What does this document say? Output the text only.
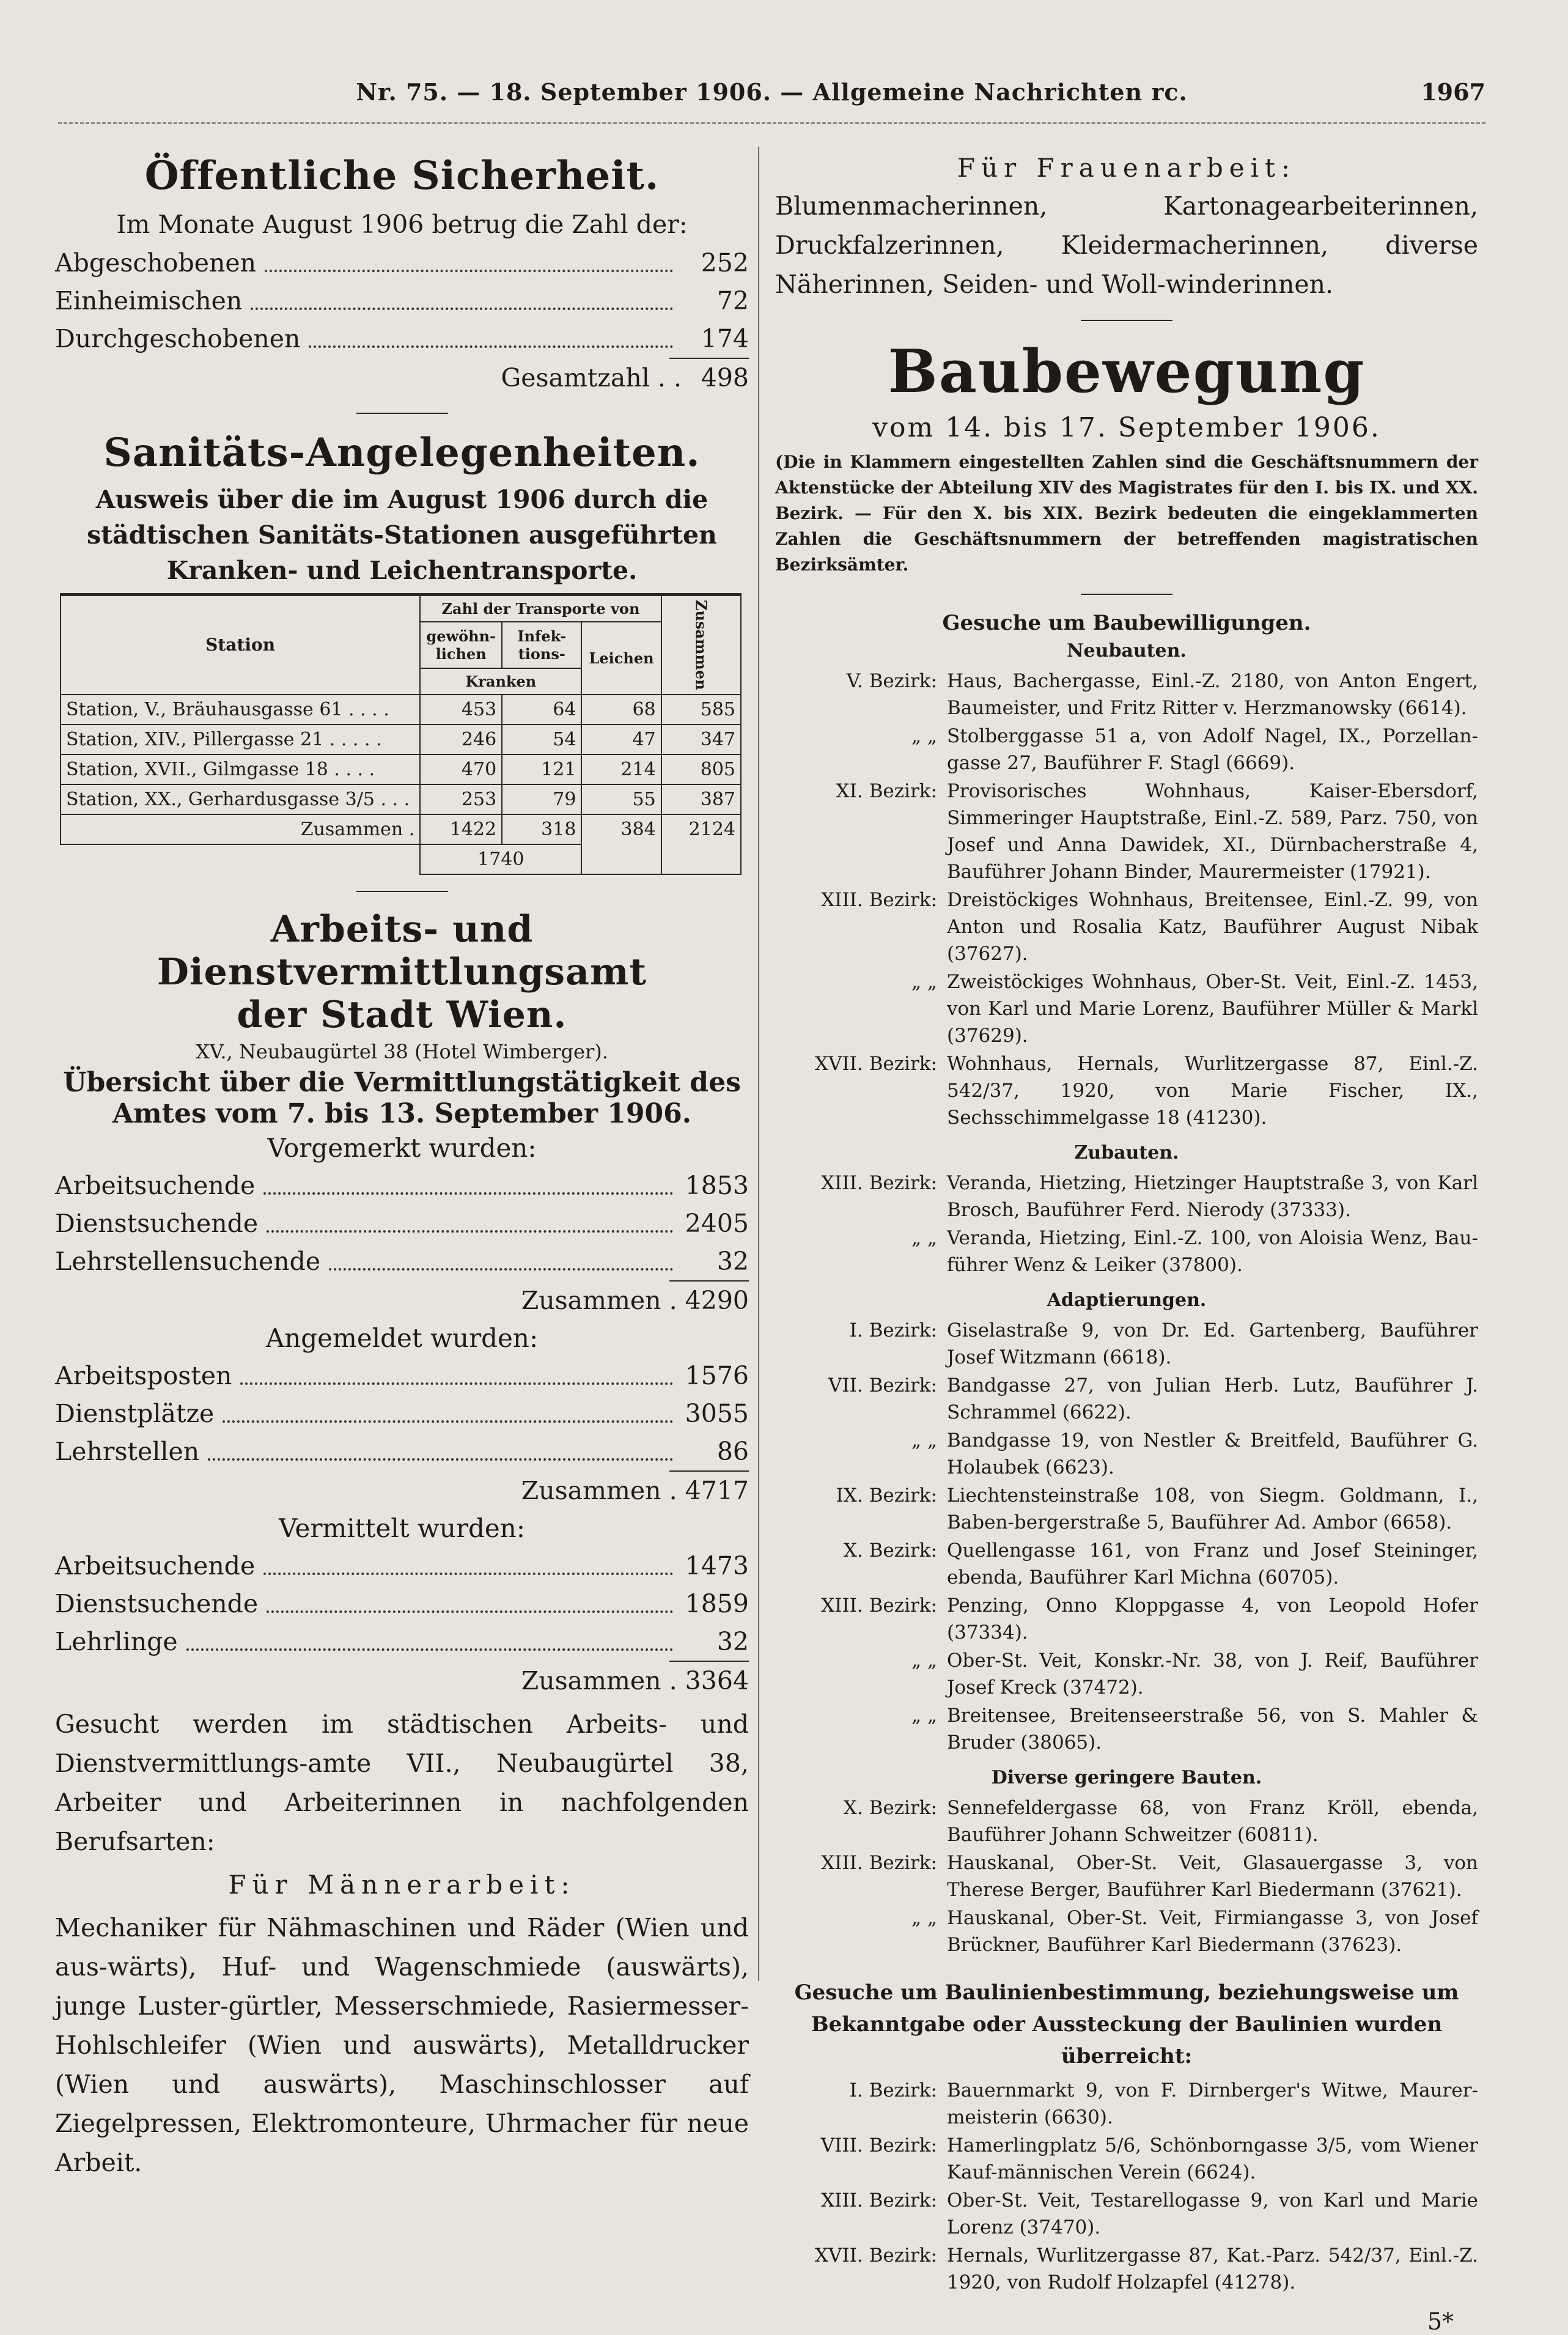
Nr. 75. — 18. September 1906. — Allgemeine Nachrichten rc.	1967
Öffentliche Sicherheit.
Im Monate August 1906 betrug die Zahl der:
Abgeschobenen	252
Einheimischen	72
Durchgeschobenen	174
Gesamtzahl . . 498
Sanitäts-Angelegenheiten.
Ausweis über die im August 1906 durch die städtischen Sanitäts-Stationen ausgeführten Kranken- und Leichentransporte.
Station	Zahl der Transporte von			Zusammen
	gewöhn- lichen	Infek- tions-	Leichen	
	Kranken			
Station, V., Bräuhausgasse 61 . . . .	453	64	68	585
Station, XIV., Pillergasse 21 . . . . .	246	54	47	347
Station, XVII., Gilmgasse 18 . . . .	470	121	214	805
Station, XX., Gerhardusgasse 3/5 . . .	253	79	55	387
Zusammen .	1422	318	384	2124
	1740			
Arbeits- und Dienstvermittlungsamt
der Stadt Wien.
XV., Neubaugürtel 38 (Hotel Wimberger).
Übersicht über die Vermittlungstätigkeit des Amtes vom 7. bis 13. September 1906.
Vorgemerkt wurden:
Arbeitsuchende	1853
Dienstsuchende	2405
Lehrstellensuchende	32
Zusammen . 4290
Angemeldet wurden:
Arbeitsposten	1576
Dienstplätze	3055
Lehrstellen	86
Zusammen . 4717
Vermittelt wurden:
Arbeitsuchende	1473
Dienstsuchende	1859
Lehrlinge	32
Zusammen . 3364
Gesucht werden im städtischen Arbeits- und Dienstvermittlungs-amte VII., Neubaugürtel 38, Arbeiter und Arbeiterinnen in nachfolgenden Berufsarten:
Für Männerarbeit:
Mechaniker für Nähmaschinen und Räder (Wien und aus-wärts), Huf- und Wagenschmiede (auswärts), junge Luster-gürtler, Messerschmiede, Rasiermesser-Hohlschleifer (Wien und auswärts), Metalldrucker (Wien und auswärts), Maschinschlosser auf Ziegelpressen, Elektromonteure, Uhrmacher für neue Arbeit.
Für Frauenarbeit:
Blumenmacherinnen, Kartonagearbeiterinnen, Druckfalzerinnen, Kleidermacherinnen, diverse Näherinnen, Seiden- und Woll-winderinnen.
Baubewegung
vom 14. bis 17. September 1906.
(Die in Klammern eingestellten Zahlen sind die Geschäftsnummern der Aktenstücke der Abteilung XIV des Magistrates für den I. bis IX. und XX. Bezirk. — Für den X. bis XIX. Bezirk bedeuten die eingeklammerten Zahlen die Geschäftsnummern der betreffenden magistratischen Bezirksämter.
Gesuche um Baubewilligungen.
Neubauten.
V. Bezirk: Haus, Bachergasse, Einl.-Z. 2180, von Anton Engert, Baumeister, und Fritz Ritter v. Herzmanowsky (6614).
„ „ Stolberggasse 51 a, von Adolf Nagel, IX., Porzellan-gasse 27, Bauführer F. Stagl (6669).
XI. Bezirk: Provisorisches Wohnhaus, Kaiser-Ebersdorf, Simmeringer Hauptstraße, Einl.-Z. 589, Parz. 750, von Josef und Anna Dawidek, XI., Dürnbacherstraße 4, Bauführer Johann Binder, Maurermeister (17921).
XIII. Bezirk: Dreistöckiges Wohnhaus, Breitensee, Einl.-Z. 99, von Anton und Rosalia Katz, Bauführer August Nibak (37627).
„ „ Zweistöckiges Wohnhaus, Ober-St. Veit, Einl.-Z. 1453, von Karl und Marie Lorenz, Bauführer Müller & Markl (37629).
XVII. Bezirk: Wohnhaus, Hernals, Wurlitzergasse 87, Einl.-Z. 542/37, 1920, von Marie Fischer, IX., Sechsschimmelgasse 18 (41230).
Zubauten.
XIII. Bezirk: Veranda, Hietzing, Hietzinger Hauptstraße 3, von Karl Brosch, Bauführer Ferd. Nierody (37333).
„ „ Veranda, Hietzing, Einl.-Z. 100, von Aloisia Wenz, Bau-führer Wenz & Leiker (37800).
Adaptierungen.
I. Bezirk: Giselastraße 9, von Dr. Ed. Gartenberg, Bauführer Josef Witzmann (6618).
VII. Bezirk: Bandgasse 27, von Julian Herb. Lutz, Bauführer J. Schrammel (6622).
„ „ Bandgasse 19, von Nestler & Breitfeld, Bauführer G. Holaubek (6623).
IX. Bezirk: Liechtensteinstraße 108, von Siegm. Goldmann, I., Baben-bergerstraße 5, Bauführer Ad. Ambor (6658).
X. Bezirk: Quellengasse 161, von Franz und Josef Steininger, ebenda, Bauführer Karl Michna (60705).
XIII. Bezirk: Penzing, Onno Kloppgasse 4, von Leopold Hofer (37334).
„ „ Ober-St. Veit, Konskr.-Nr. 38, von J. Reif, Bauführer Josef Kreck (37472).
„ „ Breitensee, Breitenseerstraße 56, von S. Mahler & Bruder (38065).
Diverse geringere Bauten.
X. Bezirk: Sennefeldergasse 68, von Franz Kröll, ebenda, Bauführer Johann Schweitzer (60811).
XIII. Bezirk: Hauskanal, Ober-St. Veit, Glasauergasse 3, von Therese Berger, Bauführer Karl Biedermann (37621).
„ „ Hauskanal, Ober-St. Veit, Firmiangasse 3, von Josef Brückner, Bauführer Karl Biedermann (37623).
Gesuche um Baulinienbestimmung, beziehungsweise um Bekanntgabe oder Aussteckung der Baulinien wurden überreicht:
I. Bezirk: Bauernmarkt 9, von F. Dirnberger's Witwe, Maurer-meisterin (6630).
VIII. Bezirk: Hamerlingplatz 5/6, Schönborngasse 3/5, vom Wiener Kauf-männischen Verein (6624).
XIII. Bezirk: Ober-St. Veit, Testarellogasse 9, von Karl und Marie Lorenz (37470).
XVII. Bezirk: Hernals, Wurlitzergasse 87, Kat.-Parz. 542/37, Einl.-Z. 1920, von Rudolf Holzapfel (41278).
5*
